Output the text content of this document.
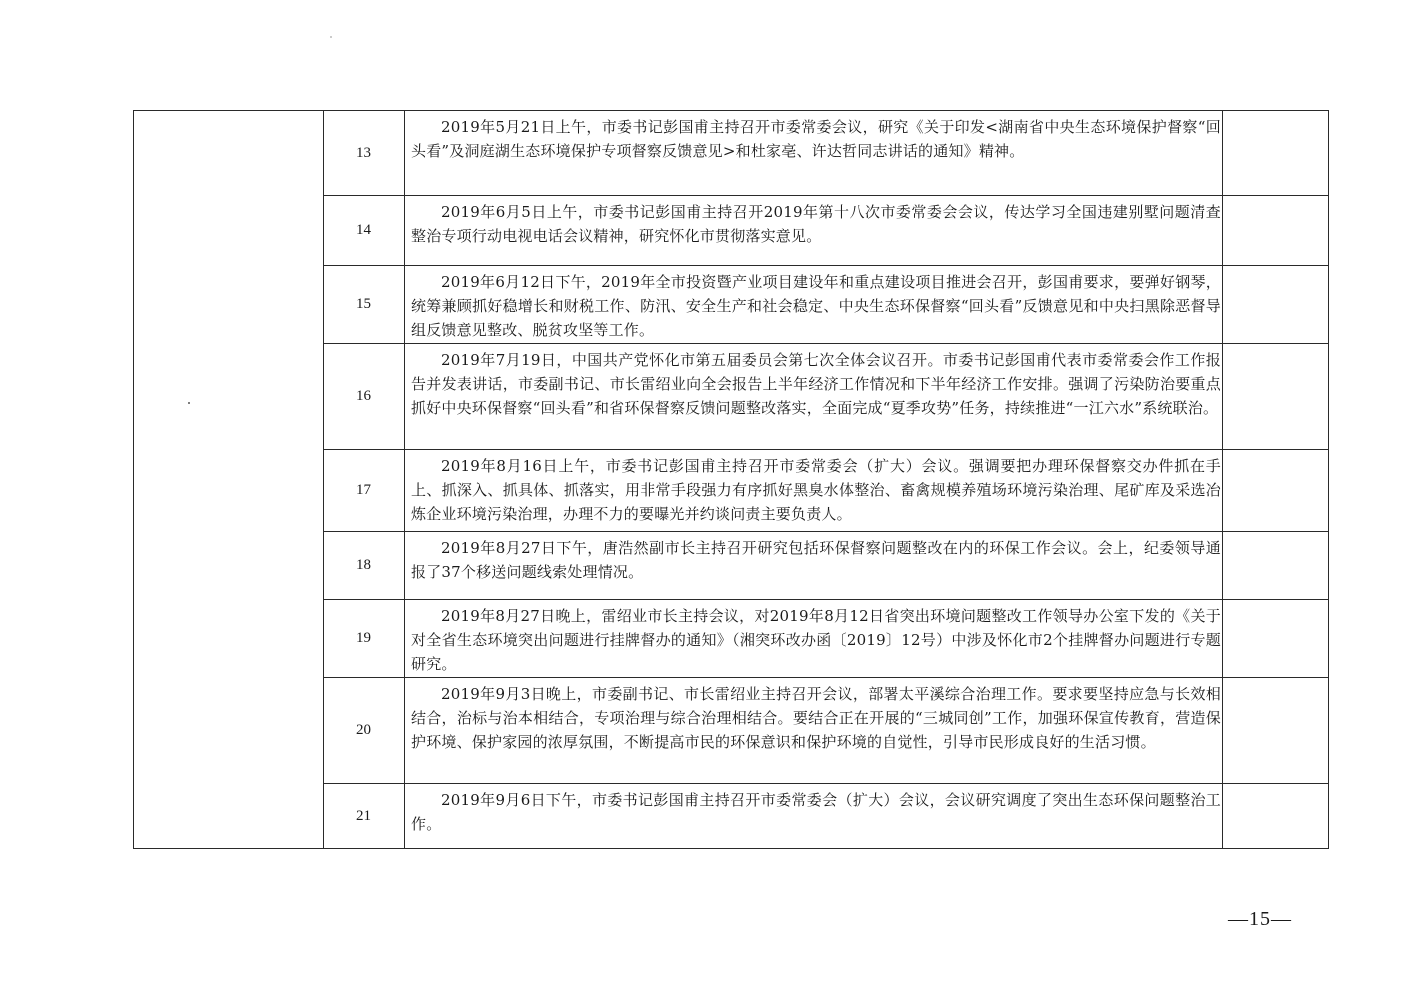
13
2019年5月21日上午，市委书记彭国甫主持召开市委常委会议，研究《关于印发<湖南省中央生态环境保护督察“回头看”及洞庭湖生态环境保护专项督察反馈意见>和杜家亳、许达哲同志讲话的通知》精神。
14
2019年6月5日上午，市委书记彭国甫主持召开2019年第十八次市委常委会会议，传达学习全国违建别墅问题清查整治专项行动电视电话会议精神，研究怀化市贯彻落实意见。
15
2019年6月12日下午，2019年全市投资暨产业项目建设年和重点建设项目推进会召开，彭国甫要求，要弹好钢琴，统筹兼顾抓好稳增长和财税工作、防汛、安全生产和社会稳定、中央生态环保督察“回头看”反馈意见和中央扫黑除恶督导组反馈意见整改、脱贫攻坚等工作。
16
2019年7月19日，中国共产党怀化市第五届委员会第七次全体会议召开。市委书记彭国甫代表市委常委会作工作报告并发表讲话，市委副书记、市长雷绍业向全会报告上半年经济工作情况和下半年经济工作安排。强调了污染防治要重点抓好中央环保督察“回头看”和省环保督察反馈问题整改落实，全面完成“夏季攻势”任务，持续推进“一江六水”系统联治。
17
2019年8月16日上午，市委书记彭国甫主持召开市委常委会（扩大）会议。强调要把办理环保督察交办件抓在手上、抓深入、抓具体、抓落实，用非常手段强力有序抓好黑臭水体整治、畜禽规模养殖场环境污染治理、尾矿库及采选冶炼企业环境污染治理，办理不力的要曝光并约谈问责主要负责人。
18
2019年8月27日下午，唐浩然副市长主持召开研究包括环保督察问题整改在内的环保工作会议。会上，纪委领导通报了37个移送问题线索处理情况。
19
2019年8月27日晚上，雷绍业市长主持会议，对2019年8月12日省突出环境问题整改工作领导办公室下发的《关于对全省生态环境突出问题进行挂牌督办的通知》（湘突环改办函〔2019〕12号）中涉及怀化市2个挂牌督办问题进行专题研究。
20
2019年9月3日晚上，市委副书记、市长雷绍业主持召开会议，部署太平溪综合治理工作。要求要坚持应急与长效相结合，治标与治本相结合，专项治理与综合治理相结合。要结合正在开展的“三城同创”工作，加强环保宣传教育，营造保护环境、保护家园的浓厚氛围，不断提高市民的环保意识和保护环境的自觉性，引导市民形成良好的生活习惯。
21
2019年9月6日下午，市委书记彭国甫主持召开市委常委会（扩大）会议，会议研究调度了突出生态环保问题整治工作。
—15—
